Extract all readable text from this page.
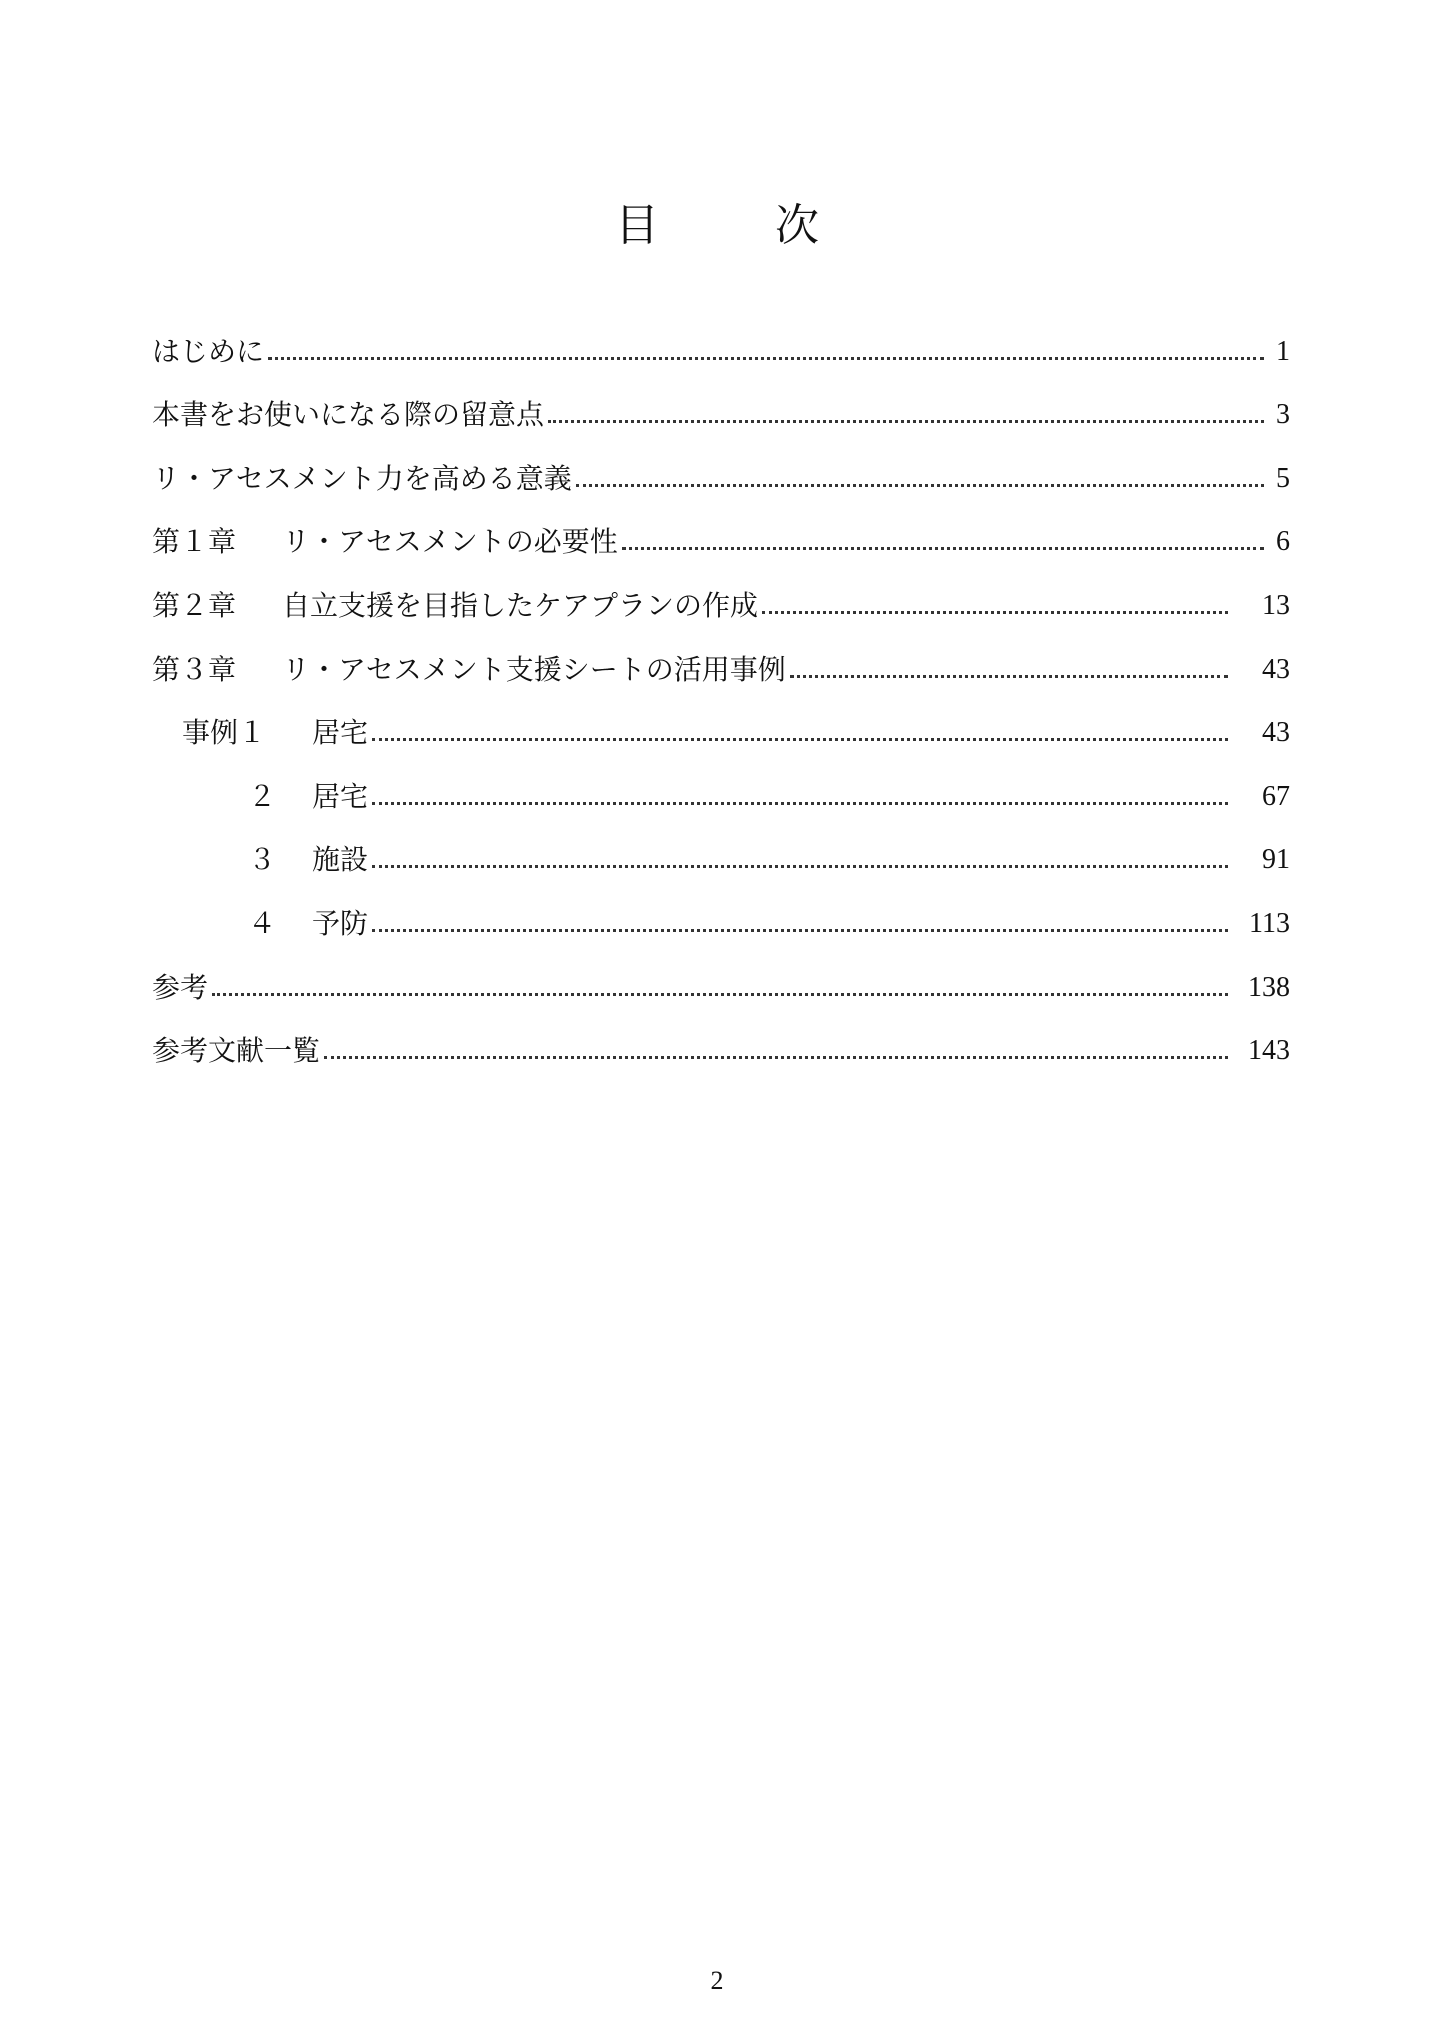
目	次
はじめに	1
本書をお使いになる際の留意点	3
リ・アセスメント力を高める意義	5
第１章	リ・アセスメントの必要性	6
第２章	自立支援を目指したケアプランの作成	13
第３章	リ・アセスメント支援シートの活用事例	43
事例１	居宅	43
２	居宅	67
３	施設	91
４	予防	113
参考	138
参考文献一覧	143
2
